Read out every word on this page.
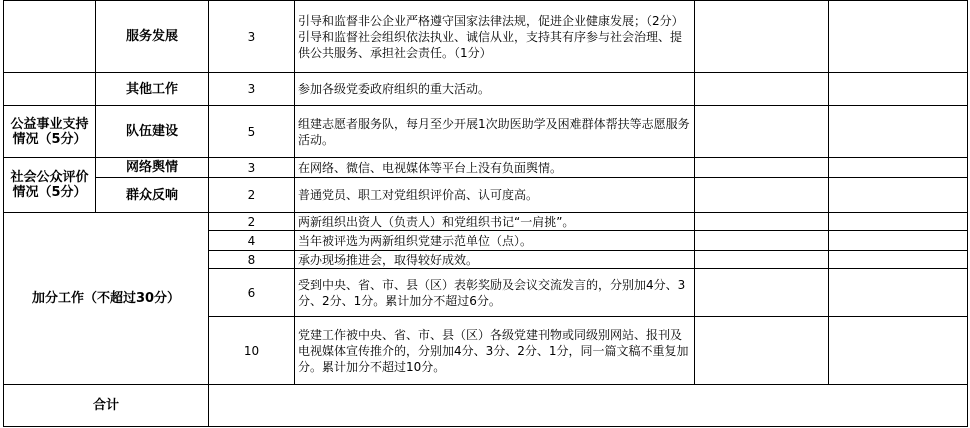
	服务发展	3	引导和监督非公企业严格遵守国家法律法规，促进企业健康发展；（2分）引导和监督社会组织依法执业、诚信从业，支持其有序参与社会治理、提供公共服务、承担社会责任。（1分）		
	其他工作	3	参加各级党委政府组织的重大活动。		
公益事业支持情况（5分）	队伍建设	5	组建志愿者服务队，每月至少开展1次助医助学及困难群体帮扶等志愿服务活动。		
社会公众评价情况（5分）	网络舆情	3	在网络、微信、电视媒体等平台上没有负面舆情。		
	群众反响	2	普通党员、职工对党组织评价高、认可度高。		
加分工作（不超过30分）		2	两新组织出资人（负责人）和党组织书记“一肩挑”。		
		4	当年被评选为两新组织党建示范单位（点）。		
		8	承办现场推进会，取得较好成效。		
		6	受到中央、省、市、县（区）表彰奖励及会议交流发言的，分别加4分、3分、2分、1分。累计加分不超过6分。		
		10	党建工作被中央、省、市、县（区）各级党建刊物或同级别网站、报刊及电视媒体宣传推介的，分别加4分、3分、2分、1分，同一篇文稿不重复加分。累计加分不超过10分。		
合计					
